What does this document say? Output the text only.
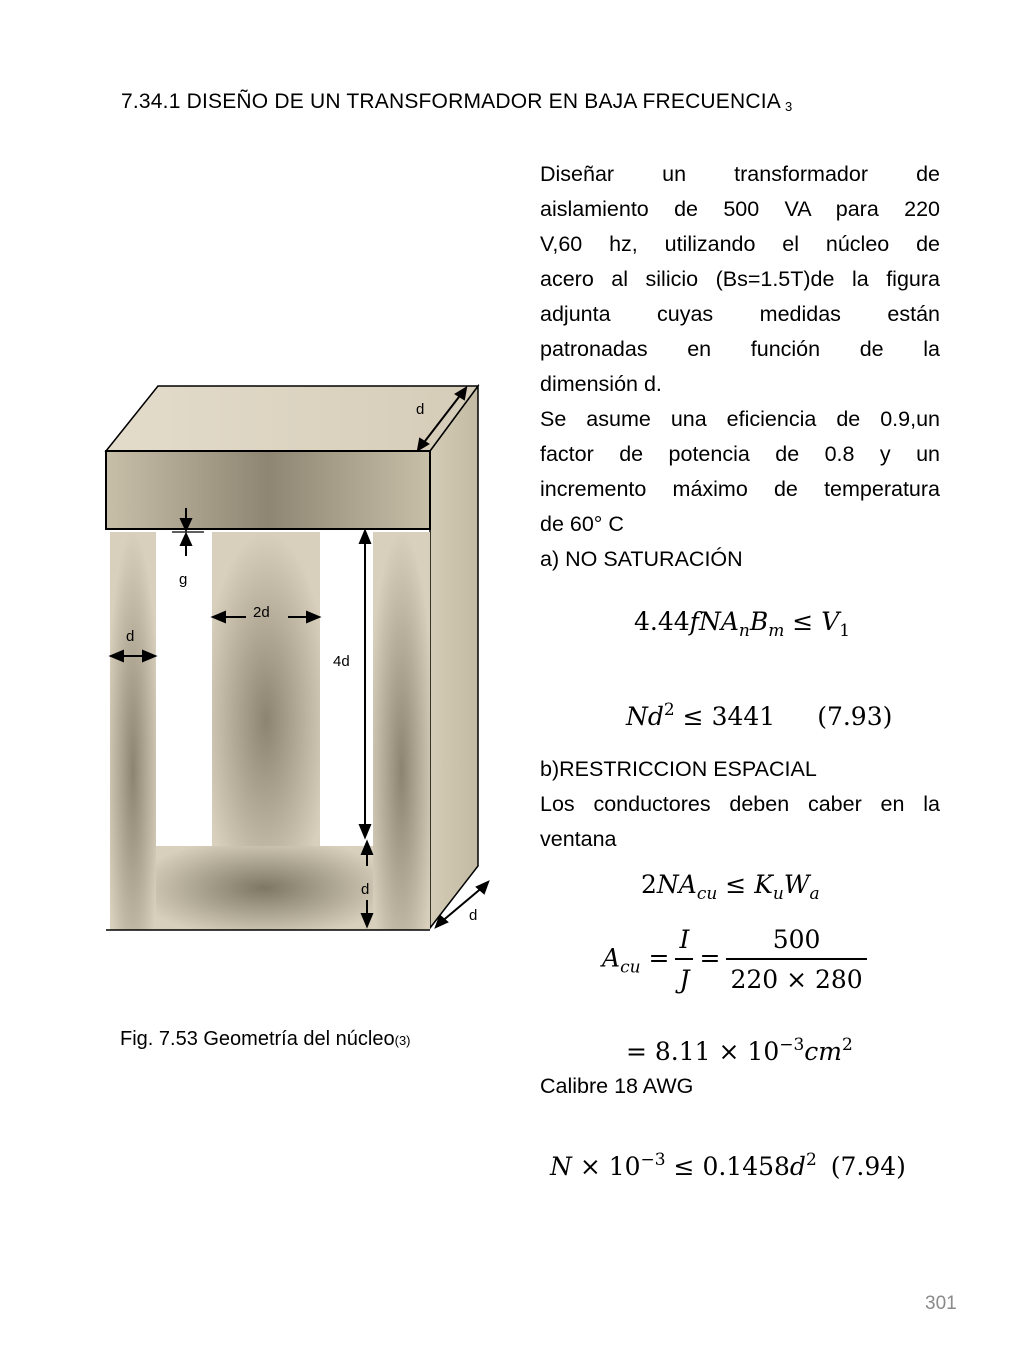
7.34.1 DISEÑO DE UN TRANSFORMADOR EN BAJA FRECUENCIA $^3$
Diseñar un transformador de
aislamiento de 500 VA para 220
V,60 hz, utilizando el núcleo de
acero al silicio (Bs=1.5T)de la figura
adjunta cuyas medidas están
patronadas en función de la
dimensión d.
Se asume una eficiencia de 0.9,un
factor de potencia de 0.8 y un
incremento máximo de temperatura
de 60° C
a) NO SATURACIÓN
$4.44fNA_nB_m \le V_1$
$Nd^2 \le 3441$ (7.93)
b)RESTRICCION ESPACIAL
Los conductores deben caber en la
ventana
$2NA_{cu} \le K_uW_a$
$A_{cu} = \frac{I}{J} = \frac{500}{220 \times 280}$
= $8.11 \times 10^{-3}cm^2$
Calibre 18 AWG
$N \times 10^{-3} \le 0.1458d^2$ (7.94)
d
g
2d
d
4d
d
d
Fig. 7.53 Geometría del núcleo(3)
301
